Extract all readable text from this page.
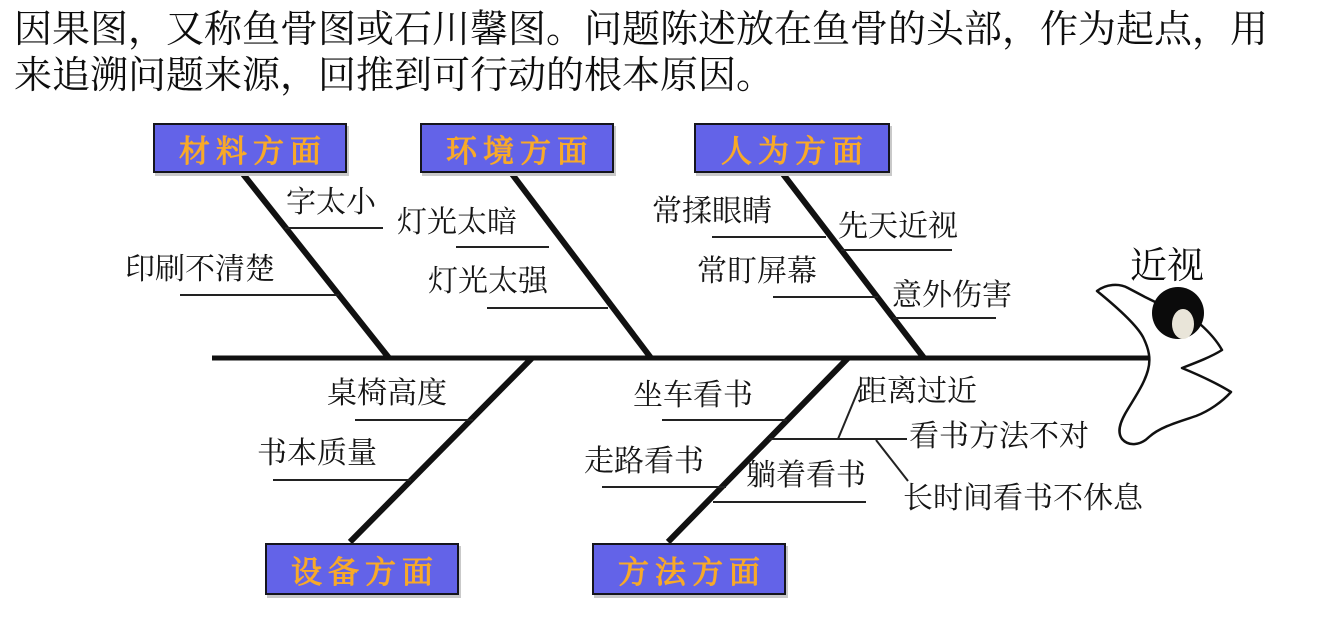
因果图，又称鱼骨图或石川馨图。问题陈述放在鱼骨的头部，作为起点，用
来追溯问题来源，回推到可行动的根本原因。
材料方面	环境方面	人为方面
设备方面	方法方面
字太小
印刷不清楚
灯光太暗
灯光太强
常揉眼睛 先天近视
常盯屏幕
意外伤害
桌椅高度
书本质量
坐车看书
走路看书 躺着看书
距离过近
看书方法不对
长时间看书不休息
近视
